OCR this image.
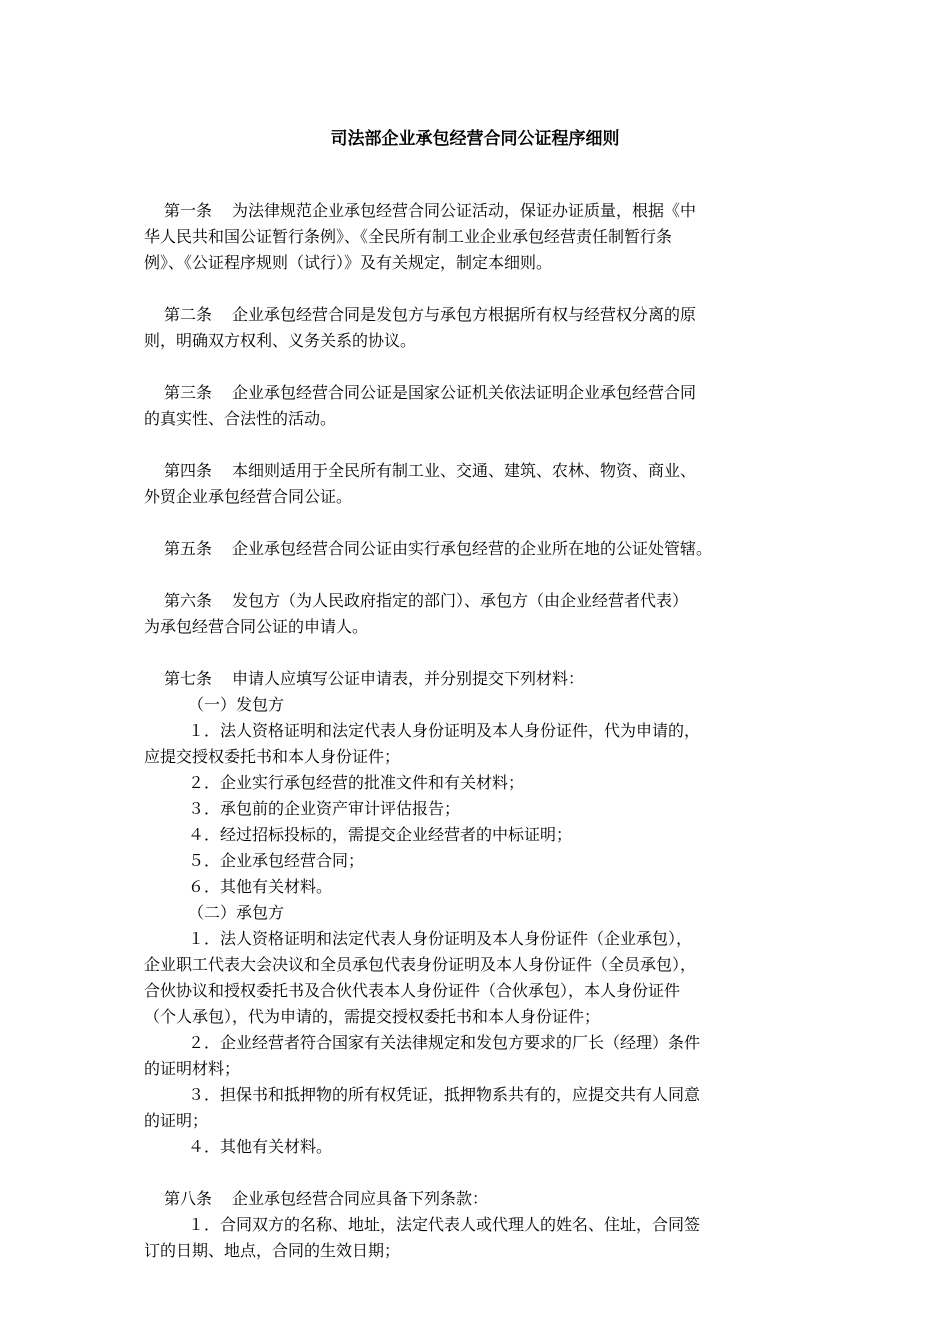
司法部企业承包经营合同公证程序细则
第一条 为法律规范企业承包经营合同公证活动，保证办证质量，根据《中
华人民共和国公证暂行条例》、《全民所有制工业企业承包经营责任制暂行条
例》、《公证程序规则（试行）》及有关规定，制定本细则。
第二条 企业承包经营合同是发包方与承包方根据所有权与经营权分离的原
则，明确双方权利、义务关系的协议。
第三条 企业承包经营合同公证是国家公证机关依法证明企业承包经营合同
的真实性、合法性的活动。
第四条 本细则适用于全民所有制工业、交通、建筑、农林、物资、商业、
外贸企业承包经营合同公证。
第五条 企业承包经营合同公证由实行承包经营的企业所在地的公证处管辖。
第六条 发包方（为人民政府指定的部门）、承包方（由企业经营者代表）
为承包经营合同公证的申请人。
第七条 申请人应填写公证申请表，并分别提交下列材料：
（一）发包方
１．法人资格证明和法定代表人身份证明及本人身份证件，代为申请的，
应提交授权委托书和本人身份证件；
２．企业实行承包经营的批准文件和有关材料；
３．承包前的企业资产审计评估报告；
４．经过招标投标的，需提交企业经营者的中标证明；
５．企业承包经营合同；
６．其他有关材料。
（二）承包方
１．法人资格证明和法定代表人身份证明及本人身份证件（企业承包），
企业职工代表大会决议和全员承包代表身份证明及本人身份证件（全员承包），
合伙协议和授权委托书及合伙代表本人身份证件（合伙承包），本人身份证件
（个人承包），代为申请的，需提交授权委托书和本人身份证件；
２．企业经营者符合国家有关法律规定和发包方要求的厂长（经理）条件
的证明材料；
３．担保书和抵押物的所有权凭证，抵押物系共有的，应提交共有人同意
的证明；
４．其他有关材料。
第八条 企业承包经营合同应具备下列条款：
１．合同双方的名称、地址，法定代表人或代理人的姓名、住址，合同签
订的日期、地点，合同的生效日期；
